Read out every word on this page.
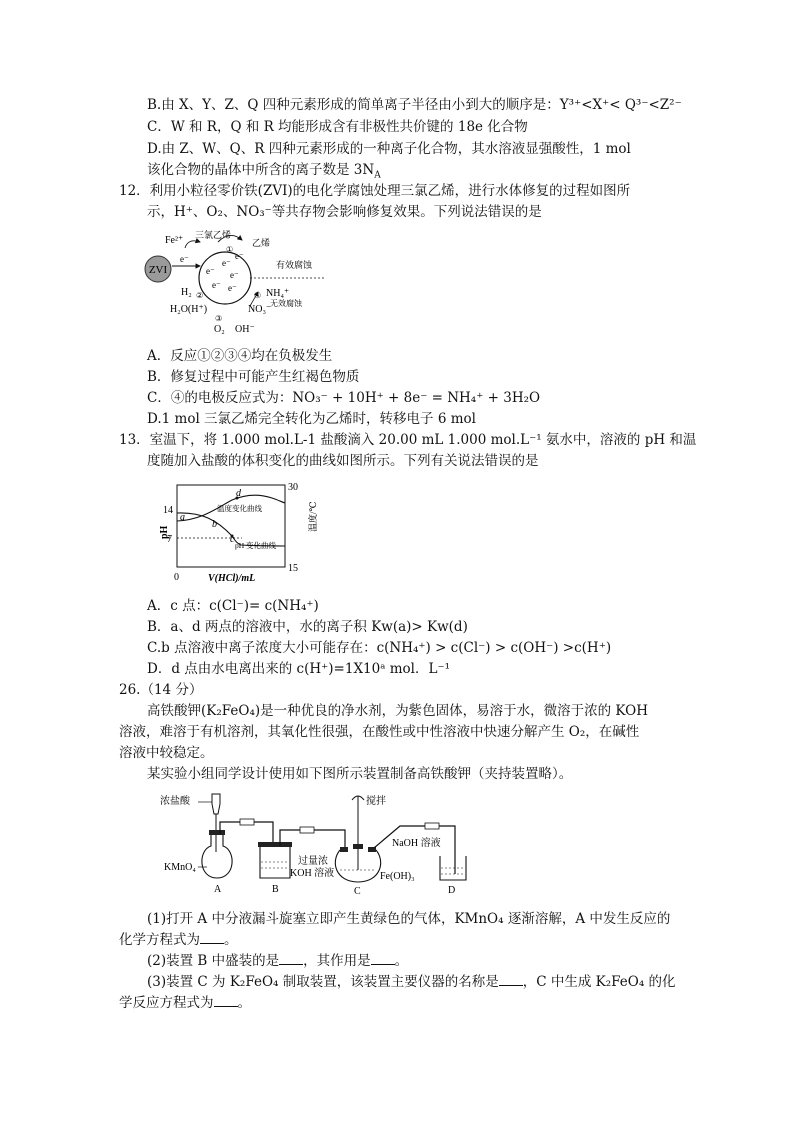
B.由 X、Y、Z、Q 四种元素形成的简单离子半径由小到大的顺序是：Y³⁺<X⁺< Q³⁻<Z²⁻
C．W 和 R，Q 和 R 均能形成含有非极性共价键的 18e 化合物
D.由 Z、W、Q、R 四种元素形成的一种离子化合物，其水溶液显强酸性，1 mol
该化合物的晶体中所含的离子数是 $3N_A$
12．利用小粒径零价铁(ZVI)的电化学腐蚀处理三氯乙烯，进行水体修复的过程如图所
示，H⁺、O₂、NO₃⁻等共存物会影响修复效果。下列说法错误的是
ZVI
Fe²⁺ 三氯乙烯
①
乙烯
e⁻
e⁻
e⁻
e⁻
e⁻
e⁻ e⁻
有效腐蚀
无效腐蚀
H₂ ②
H₂O(H⁺)
③
O₂ OH⁻
④ NH₄⁺
NO₃⁻
A．反应①②③④均在负极发生
B．修复过程中可能产生红褐色物质
C．④的电极反应式为：NO₃⁻ + 10H⁺ + 8e⁻ = NH₄⁺ + 3H₂O
D.1 mol 三氯乙烯完全转化为乙烯时，转移电子 6 mol
13．室温下，将 1.000 mol.L-1 盐酸滴入 20.00 mL 1.000 mol.L⁻¹ 氨水中，溶液的 pH 和温
度随加入盐酸的体积变化的曲线如图所示。下列有关说法错误的是
pH
14
7
0	V(HCl)/mL
30
15
温度/℃
a
b
c
d
温度变化曲线
pH 变化曲线
A．c 点：c(Cl⁻)= c(NH₄⁺)
B．a、d 两点的溶液中，水的离子积 Kw(a)> Kw(d)
C.b 点溶液中离子浓度大小可能存在：c(NH₄⁺) > c(Cl⁻) > c(OH⁻) >c(H⁺)
D．d 点由水电离出来的 c(H⁺)=1X10ᵃ mol．L⁻¹
26.（14 分）
高铁酸钾(K₂FeO₄)是一种优良的净水剂，为紫色固体，易溶于水，微溶于浓的 KOH
溶液，难溶于有机溶剂，其氧化性很强，在酸性或中性溶液中快速分解产生 O₂，在碱性
溶液中较稳定。
某实验小组同学设计使用如下图所示装置制备高铁酸钾（夹持装置略）。
浓盐酸
KMnO₄
A	B
搅拌
过量浓
KOH 溶液	Fe(OH)₃
C
NaOH 溶液
D
(1)打开 A 中分液漏斗旋塞立即产生黄绿色的气体，KMnO₄ 逐渐溶解，A 中发生反应的
化学方程式为 。
(2)装置 B 中盛装的是 ，其作用是 。
(3)装置 C 为 K₂FeO₄ 制取装置，该装置主要仪器的名称是 ，C 中生成 K₂FeO₄ 的化
学反应方程式为 。
